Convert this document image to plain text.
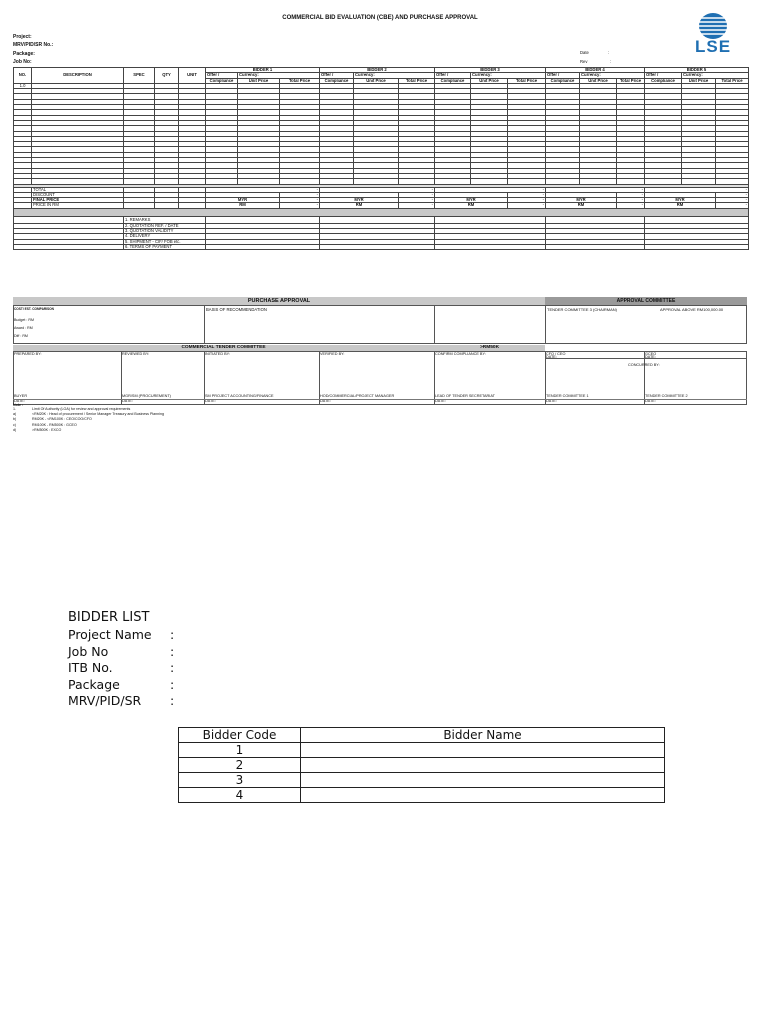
COMMERCIAL BID EVALUATION (CBE) AND PURCHASE APPROVAL
LSE
Project:
MRV/PID/SR No.:
Package:
Job No:
Date	:
Rev	:
NO.	DESCRIPTION	SPEC	QTY	UNIT	BIDDER 1			BIDDER 2			BIDDER 3			BIDDER 4			BIDDER 5		
					Offer /	Currency:		Offer /	Currency:		Offer /	Currency:		Offer /	Currency:		Offer /	Currency:	
					Compliance	Unit Price	Total Price	Compliance	Unit Price	Total Price	Compliance	Unit Price	Total Price	Compliance	Unit Price	Total Price	Compliance	Unit Price	Total Price
1.0																			

	TOTAL						-			-			-			-			-
	DISCOUNT						-			-			-			-			-
	FINAL PRICE				MYR		-	MYR		-	MYR		-	MYR		-	MYR		-
	PRICE IN RM				RM		-	RM		-	RM		-	RM		-	RM		-

		1. REMARKS																	
		2. QUOTATION REF. / DATE																	
		3. QUOTATION VALIDITY																	
		4. DELIVERY																	
		5. SHIPMENT - CIF/ FOB etc.																	
		6. TERMS OF PAYMENT																	
PURCHASE APPROVAL	APPROVAL COMMITTEE
COST/ EST. COMPARISON
Budget : RM
Award : RM
Diff : RM
BASIS OF RECOMMENDATION	TENDER COMMITTEE 3 (CHAIRMAN)	APPROVAL ABOVE RM100,000.00
COMMERCIAL TENDER COMMITTEE	>RM50K
PREPARED BY:
BUYER
DATE:
REVIEWED BY:
MGR/SM (PROCUREMENT)
DATE:
INITIATED BY:
SM PROJECT ACCOUNTING/FINANCE
DATE:
VERIFIED BY:
HOD/COMMERCIAL/PROJECT MANAGER
DATE:
CONFIRM COMPLIANCE BY:
LEAD OF TENDER SECRETARIAT
DATE:
CFO / CEO
DATE:
TENDER COMMITTEE 1
DATE:
GCEO
DATE:
TENDER COMMITTEE 2
DATE:
CONCURRED BY:
Note :
1.	Limit Of Authority (LOA) for review and approval requirements
a)	<RM20K : Head of procurement / Senior Manager Treasury and Business Planning
b)	RM20K - <RM100K : CEO/COO/CFO
c)	RM100K - RM500K : GCEO
d)	>RM500K : EXCO
BIDDER LIST
Project Name :
Job No	:
ITB No.	:
Package	:
MRV/PID/SR :
Bidder Code	Bidder Name
1	
2	
3	
4	
